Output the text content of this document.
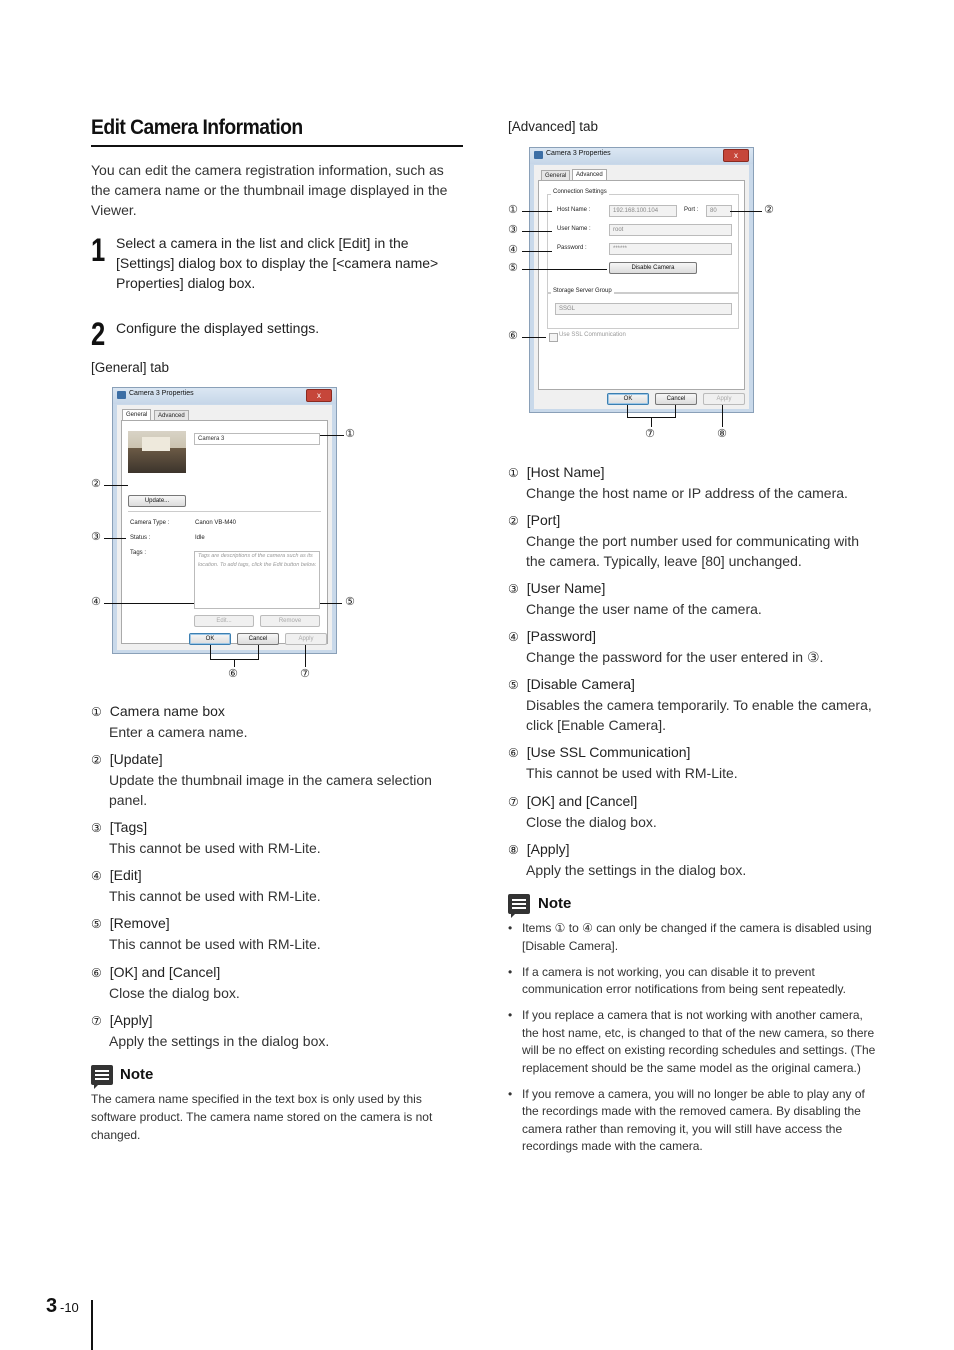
Edit Camera Information
You can edit the camera registration information, such as the camera name or the thumbnail image displayed in the Viewer.
1 Select a camera in the list and click [Edit] in the [Settings] dialog box to display the [<camera name> Properties] dialog box.
2 Configure the displayed settings.
[General] tab
Camera 3 Properties	x
General	Advanced
Camera 3
Update...
Camera Type :	Canon VB-M40
Status :	Idle
Tags :	Tags are descriptions of the camera such as its location. To add tags, click the Edit button below.
Edit...	Remove
OK	Cancel	Apply
①
②
③
④	⑤
⑥	⑦
① Camera name box
Enter a camera name.
② [Update]
Update the thumbnail image in the camera selection panel.
③ [Tags]
This cannot be used with RM-Lite.
④ [Edit]
This cannot be used with RM-Lite.
⑤ [Remove]
This cannot be used with RM-Lite.
⑥ [OK] and [Cancel]
Close the dialog box.
⑦ [Apply]
Apply the settings in the dialog box.
Note
The camera name specified in the text box is only used by this software product. The camera name stored on the camera is not changed.
[Advanced] tab
Camera 3 Properties	x
General	Advanced
Connection Settings
Host Name :	192.168.100.104	Port :	80
User Name :	root
Password :	******
Disable Camera
Storage Server Group
SSGL
Use SSL Communication
OK	Cancel	Apply
①	②
③
④
⑤
⑥
⑦	⑧
① [Host Name]
Change the host name or IP address of the camera.
② [Port]
Change the port number used for communicating with the camera. Typically, leave [80] unchanged.
③ [User Name]
Change the user name of the camera.
④ [Password]
Change the password for the user entered in ③.
⑤ [Disable Camera]
Disables the camera temporarily. To enable the camera, click [Enable Camera].
⑥ [Use SSL Communication]
This cannot be used with RM-Lite.
⑦ [OK] and [Cancel]
Close the dialog box.
⑧ [Apply]
Apply the settings in the dialog box.
Note
• Items ① to ④ can only be changed if the camera is disabled using [Disable Camera].
• If a camera is not working, you can disable it to prevent communication error notifications from being sent repeatedly.
• If you replace a camera that is not working with another camera, the host name, etc, is changed to that of the new camera, so there will be no effect on existing recording schedules and settings. (The replacement should be the same model as the original camera.)
• If you remove a camera, you will no longer be able to play any of the recordings made with the removed camera. By disabling the camera rather than removing it, you will still have access the recordings made with the camera.
3 -10
